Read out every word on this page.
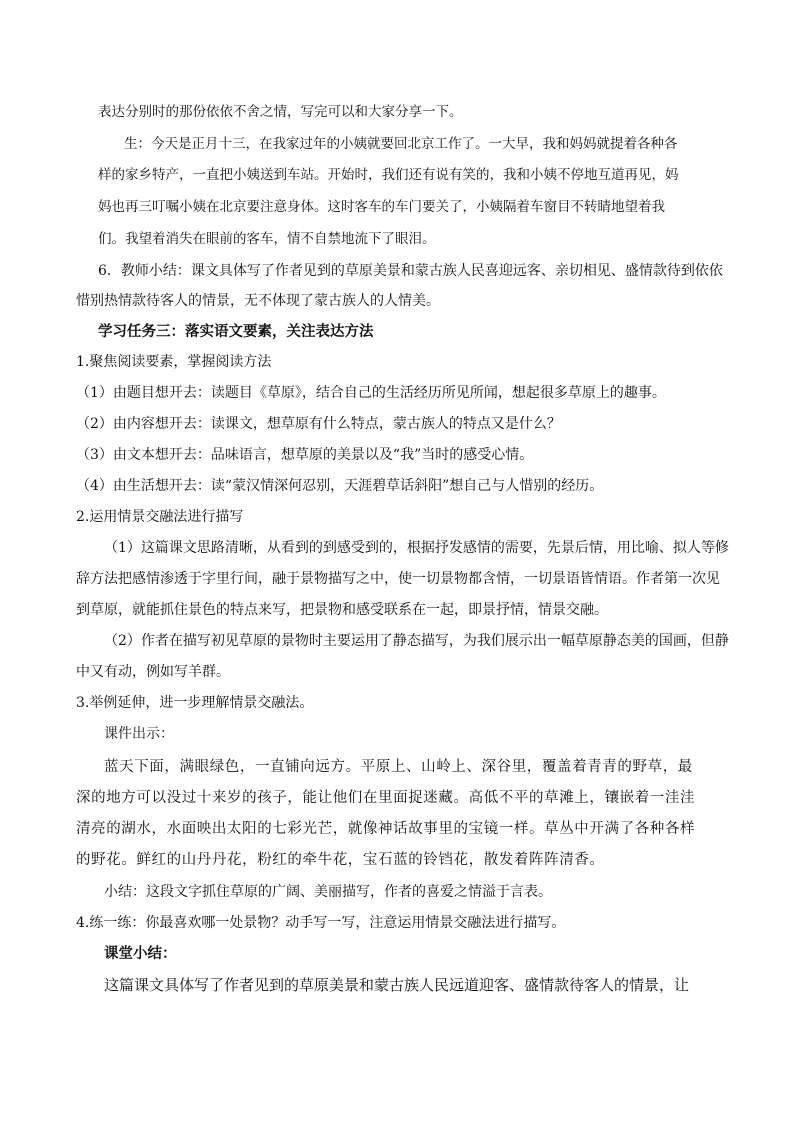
表达分别时的那份依依不舍之情，写完可以和大家分享一下。
生：今天是正月十三，在我家过年的小姨就要回北京工作了。一大早，我和妈妈就提着各种各
样的家乡特产，一直把小姨送到车站。开始时，我们还有说有笑的，我和小姨不停地互道再见，妈
妈也再三叮嘱小姨在北京要注意身体。这时客车的车门要关了，小姨隔着车窗目不转睛地望着我
们。我望着消失在眼前的客车，情不自禁地流下了眼泪。
6．教师小结：课文具体写了作者见到的草原美景和蒙古族人民喜迎远客、亲切相见、盛情款待到依依
惜别热情款待客人的情景，无不体现了蒙古族人的人情美。
学习任务三：落实语文要素，关注表达方法
1.聚焦阅读要素，掌握阅读方法
（1）由题目想开去：读题目《草原》，结合自己的生活经历所见所闻，想起很多草原上的趣事。
（2）由内容想开去：读课文，想草原有什么特点，蒙古族人的特点又是什么？
（3）由文本想开去：品味语言，想草原的美景以及“我”当时的感受心情。
（4）由生活想开去：读“蒙汉情深何忍别，天涯碧草话斜阳”想自己与人惜别的经历。
2.运用情景交融法进行描写
（1）这篇课文思路清晰，从看到的到感受到的，根据抒发感情的需要，先景后情，用比喻、拟人等修
辞方法把感情渗透于字里行间，融于景物描写之中，使一切景物都含情，一切景语皆情语。作者第一次见
到草原，就能抓住景色的特点来写，把景物和感受联系在一起，即景抒情，情景交融。
（2）作者在描写初见草原的景物时主要运用了静态描写，为我们展示出一幅草原静态美的国画，但静
中又有动，例如写羊群。
3.举例延伸，进一步理解情景交融法。
课件出示：
蓝天下面，满眼绿色，一直铺向远方。平原上、山岭上、深谷里，覆盖着青青的野草，最
深的地方可以没过十来岁的孩子，能让他们在里面捉迷藏。高低不平的草滩上，镶嵌着一洼洼
清亮的湖水，水面映出太阳的七彩光芒，就像神话故事里的宝镜一样。草丛中开满了各种各样
的野花。鲜红的山丹丹花，粉红的牵牛花，宝石蓝的铃铛花，散发着阵阵清香。
小结：这段文字抓住草原的广阔、美丽描写，作者的喜爱之情溢于言表。
4.练一练：你最喜欢哪一处景物？动手写一写，注意运用情景交融法进行描写。
课堂小结：
这篇课文具体写了作者见到的草原美景和蒙古族人民远道迎客、盛情款待客人的情景，让
